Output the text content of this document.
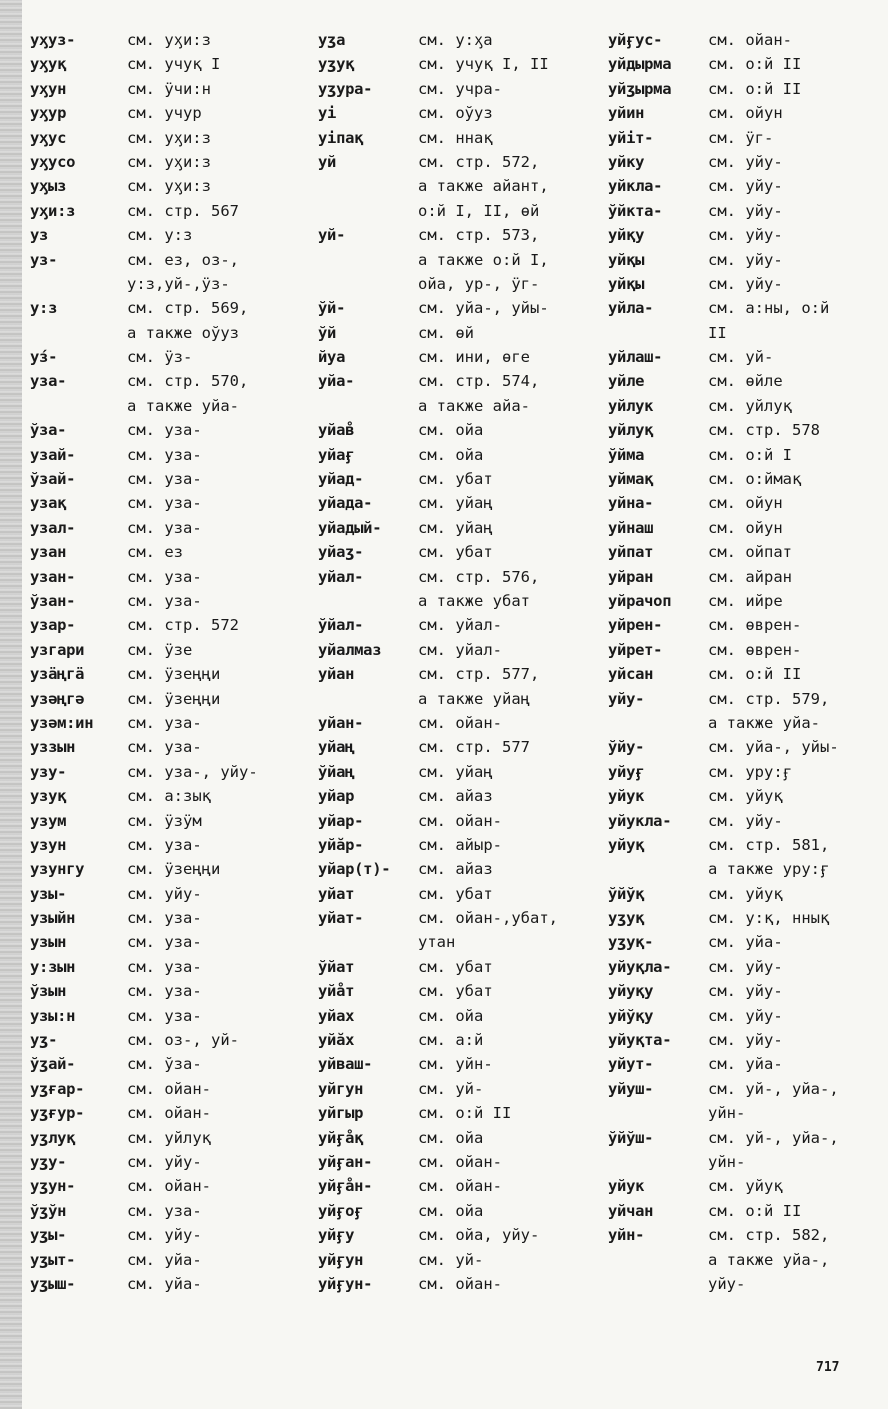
уӽуз-	см. уӽи:з
уӽуқ	см. учуқ I
уӽун	см. ӱчи:н
уӽур	см. учур
уӽус	см. уӽи:з
уӽусо	см. уӽи:з
уӽыз	см. уӽи:з
уӽи:з	см. стр. 567
уз	см. у:з
уз-	см. ез, оз-,
у:з,уй-,ӱз-
у:з	см. стр. 569,
а также оўуз
уз́-	см. ӱз-
уза-	см. стр. 570,
а также уйа-
ўза-	см. уза-
узай-	см. уза-
ўзай-	см. уза-
узақ	см. уза-
узал-	см. уза-
узан	см. ез
узан-	см. уза-
ўзан-	см. уза-
узар-	см. стр. 572
узгари	см. ӱзе
узӓңгӓ	см. ӱзеңңи
узәңгә	см. ӱзеңңи
узәм:ин	см. уза-
уззын	см. уза-
узу-	см. уза-, уйу-
узуқ	см. а:зық
узум	см. ӱзӱм
узун	см. уза-
узунгу	см. ӱзеңңи
узы-	см. уйу-
узыйн	см. уза-
узын	см. уза-
у:зын	см. уза-
ўзын	см. уза-
узы:н	см. уза-
уӡ-	см. оз-, уй-
ўӡай-	см. ўза-
уӡғар-	см. ойан-
уӡғур-	см. ойан-
уӡлуқ	см. уйлуқ
уӡу-	см. уйу-
уӡун-	см. ойан-
ўӡўн	см. уза-
уӡы-	см. уйу-
уӡыт-	см. уйа-
уӡыш-	см. уйа-
уӡа	см. у:ӽа
уӡуқ	см. учуқ I, II
уӡура-	см. учра-
уі	см. оўуз
уіпақ	см. ннақ
уй	см. стр. 572,
а также айант,
о:й I, II, өй
уй-	см. стр. 573,
а также о:й I,
ойа, ур-, ӱг-
ўй-	см. уйа-, уйы-
ўй	см. өй
йуа	см. ини, өге
уйа-	см. стр. 574,
а также айа-
уйав̊	см. ойа
уйаӻ	см. ойа
уйад-	см. убат
уйада-	см. уйаң
уйадый-	см. уйаң
уйаӡ-	см. убат
уйал-	см. стр. 576,
а также убат
ўйал-	см. уйал-
уйалмаз	см. уйал-
уйан	см. стр. 577,
а также уйаң
уйан-	см. ойан-
уйаң	см. стр. 577
ўйаң	см. уйаң
уйар	см. айаз
уйар-	см. ойан-
уйӑр-	см. айыр-
уйар(т)-	см. айаз
уйат	см. убат
уйат-	см. ойан-,убат,
утан
ўйат	см. убат
уйа̊т	см. убат
уйах	см. ойа
уйӑх	см. а:й
уйваш-	см. уйн-
уйгун	см. уй-
уйгыр	см. о:й II
уйӻа̊қ	см. ойа
уйӻан-	см. ойан-
уйӻа̊н-	см. ойан-
уйӻоӻ	см. ойа
уйӻу	см. ойа, уйу-
уйӻун	см. уй-
уйӻун-	см. ойан-
уйӻус-	см. ойан-
уйдырма	см. о:й II
уйӡырма	см. о:й II
уйин	см. ойун
уйіт-	см. ӱг-
уйку	см. уйу-
уйкла-	см. уйу-
ўйкта-	см. уйу-
уйқу	см. уйу-
уйқы	см. уйу-
уйқы	см. уйу-
уйла-	см. а:ны, о:й
II
уйлаш-	см. уй-
уйле	см. өйле
уйлук	см. уйлуқ
уйлуқ	см. стр. 578
ўйма	см. о:й I
уймақ	см. о:ймақ
уйна-	см. ойун
уйнаш	см. ойун
уйпат	см. ойпат
уйран	см. айран
уйрачоп	см. ийре
уйрен-	см. өврен-
уйрет-	см. өврен-
уйсан	см. о:й II
уйу-	см. стр. 579,
а также уйа-
ўйу-	см. уйа-, уйы-
уйуӻ	см. уру:ӻ
уйук	см. уйуқ
уйукла-	см. уйу-
уйуқ	см. стр. 581,
а также уру:ӻ
ўйўқ	см. уйуқ
уӡуқ	см. у:қ, ннық
уӡуқ-	см. уйа-
уйуқла-	см. уйу-
уйуқу	см. уйу-
уйўқу	см. уйу-
уйуқта-	см. уйу-
уйут-	см. уйа-
уйуш-	см. уй-, уйа-,
уйн-
ўйўш-	см. уй-, уйа-,
уйн-
уйук	см. уйуқ
уйчан	см. о:й II
уйн-	см. стр. 582,
а также уйа-,
уйу-
717
